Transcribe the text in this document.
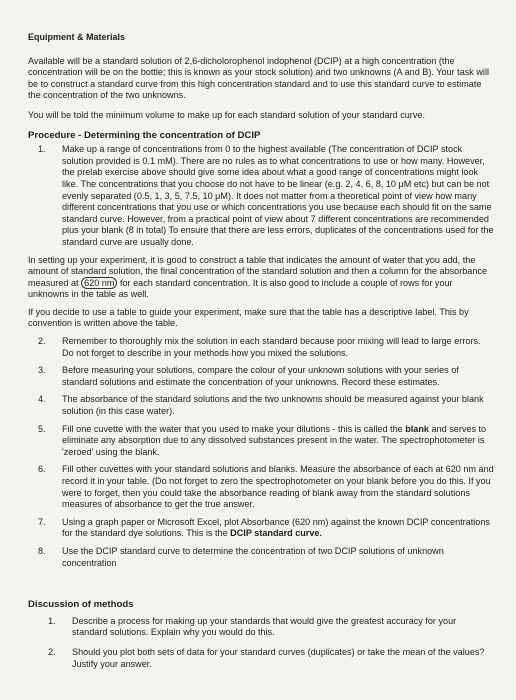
Equipment & Materials

Available will be a standard solution of 2,6-dicholorophenol indophenol (DCIP) at a high concentration (the concentration will be on the bottle; this is known as your stock solution) and two unknowns (A and B). Your task will be to construct a standard curve from this high concentration standard and to use this standard curve to estimate the concentration of the two unknowns.

You will be told the minimum volume to make up for each standard solution of your standard curve.

Procedure - Determining the concentration of DCIP
1.	Make up a range of concentrations from 0 to the highest available (The concentration of DCIP stock solution provided is 0.1 mM). There are no rules as to what concentrations to use or how many. However, the prelab exercise above should give some idea about what a good range of concentrations might look like. The concentrations that you choose do not have to be linear (e.g. 2, 4, 6, 8, 10 μM etc) but can be not evenly separated (0.5, 1, 3, 5, 7.5, 10 μM). It does not matter from a theoretical point of view how many different concentrations that you use or which concentrations you use because each should fit on the same standard curve. However, from a practical point of view about 7 different concentrations are recommended plus your blank (8 in total) To ensure that there are less errors, duplicates of the concentrations used for the standard curve are usually done.

In setting up your experiment, it is good to construct a table that indicates the amount of water that you add, the amount of standard solution, the final concentration of the standard solution and then a column for the absorbance measured at 620 nm for each standard concentration. It is also good to include a couple of rows for your unknowns in the table as well.

If you decide to use a table to guide your experiment, make sure that the table has a descriptive label. This by convention is written above the table.

2.	Remember to thoroughly mix the solution in each standard because poor mixing will lead to large errors. Do not forget to describe in your methods how you mixed the solutions.
3.	Before measuring your solutions, compare the colour of your unknown solutions with your series of standard solutions and estimate the concentration of your unknowns. Record these estimates.
4.	The absorbance of the standard solutions and the two unknowns should be measured against your blank solution (in this case water).
5.	Fill one cuvette with the water that you used to make your dilutions - this is called the blank and serves to eliminate any absorption due to any dissolved substances present in the water. The spectrophotometer is 'zeroed' using the blank.
6.	Fill other cuvettes with your standard solutions and blanks. Measure the absorbance of each at 620 nm and record it in your table. (Do not forget to zero the spectrophotometer on your blank before you do this. If you were to forget, then you could take the absorbance reading of blank away from the standard solutions measures of absorbance to get the true answer.
7.	Using a graph paper or Microsoft Excel, plot Absorbance (620 nm) against the known DCIP concentrations for the standard dye solutions. This is the DCIP standard curve.
8.	Use the DCIP standard curve to determine the concentration of two DCIP solutions of unknown concentration
Discussion of methods
1.	Describe a process for making up your standards that would give the greatest accuracy for your standard solutions. Explain why you would do this.
2.	Should you plot both sets of data for your standard curves (duplicates) or take the mean of the values? Justify your answer.
